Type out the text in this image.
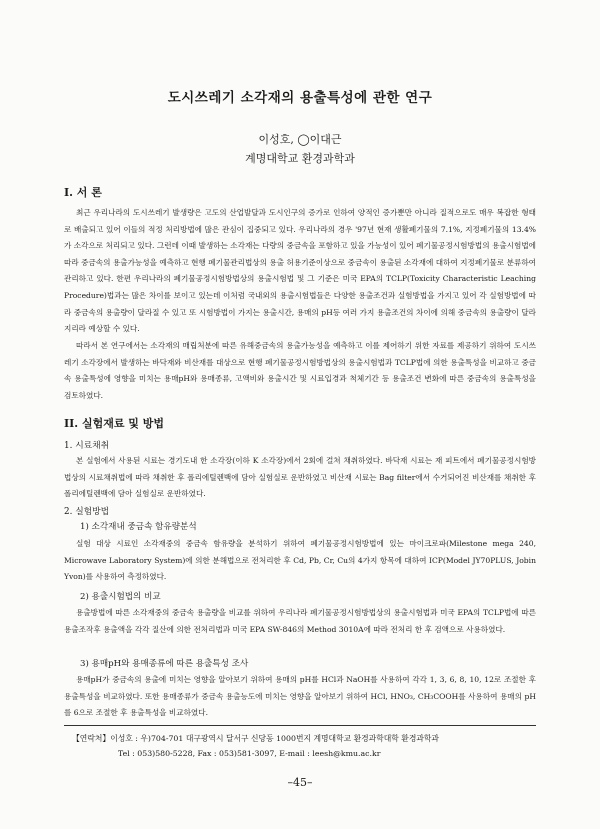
도시쓰레기 소각재의 용출특성에 관한 연구
이성호, ◯이대근
계명대학교 환경과학과
I. 서 론
최근 우리나라의 도시쓰레기 발생량은 고도의 산업발달과 도시인구의 증가로 인하여 양적인 증가뿐만 아니라 질적으로도 매우 복잡한 형태로 배출되고 있어 이들의 적정 처리방법에 많은 관심이 집중되고 있다. 우리나라의 경우 '97년 현재 생활폐기물의 7.1%, 지정폐기물의 13.4%가 소각으로 처리되고 있다. 그런데 이때 발생하는 소각재는 다량의 중금속을 포함하고 있을 가능성이 있어 폐기물공정시험방법의 용출시험법에 따라 중금속의 용출가능성을 예측하고 현행 폐기물관리법상의 용출 허용기준이상으로 중금속이 용출된 소각재에 대하여 지정폐기물로 분류하여 관리하고 있다. 한편 우리나라의 폐기물공정시험방법상의 용출시험법 및 그 기준은 미국 EPA의 TCLP(Toxicity Characteristic Leaching Procedure)법과는 많은 차이를 보이고 있는데 이처럼 국내외의 용출시험법들은 다양한 용출조건과 실험방법을 가지고 있어 각 실험방법에 따라 중금속의 용출량이 달라질 수 있고 또 시험방법이 가지는 용출시간, 용매의 pH등 여러 가지 용출조건의 차이에 의해 중금속의 용출량이 달라지리라 예상할 수 있다.
따라서 본 연구에서는 소각재의 매립처분에 따른 유해중금속의 용출가능성을 예측하고 이를 제어하기 위한 자료를 제공하기 위하여 도시쓰레기 소각장에서 발생하는 바닥재와 비산재를 대상으로 현행 폐기물공정시험방법상의 용출시험법과 TCLP법에 의한 용출특성을 비교하고 중금속 용출특성에 영향을 미치는 용매pH와 용매종류, 고액비와 용출시간 및 시료입경과 척체기간 등 용출조건 변화에 따른 중금속의 용출특성을 검토하였다.
II. 실험재료 및 방법
1. 시료채취
본 실험에서 사용된 시료는 경기도내 한 소각장(이하 K 소각장)에서 2회에 걸쳐 채취하였다. 바닥재 시료는 재 피트에서 폐기물공정시험방법상의 시료채취법에 따라 채취한 후 폴리에틸렌백에 담아 실험실로 운반하였고 비산재 시료는 Bag filter에서 수거되어진 비산재를 채취한 후 폴리에틸렌백에 담아 실험실로 운반하였다.
2. 실험방법
1) 소각재내 중금속 함유량분석
실험 대상 시료인 소각재중의 중금속 함유량을 분석하기 위하여 폐기물공정시험방법에 있는 마이크로파(Milestone mega 240, Microwave Laboratory System)에 의한 분해법으로 전처리한 후 Cd, Pb, Cr, Cu의 4가지 항목에 대하여 ICP(Model JY70PLUS, Jobin Yvon)를 사용하여 측정하였다.
2) 용출시험법의 비교
용출방법에 따른 소각재중의 중금속 용출량을 비교를 위하여 우리나라 폐기물공정시험방법상의 용출시험법과 미국 EPA의 TCLP법에 따른 용출조작후 용출액을 각각 질산에 의한 전처리법과 미국 EPA SW-846의 Method 3010A에 따라 전처리 한 후 검액으로 사용하였다.
3) 용매pH와 용매종류에 따른 용출특성 조사
용매pH가 중금속의 용출에 미치는 영향을 알아보기 위하여 용매의 pH를 HCl과 NaOH를 사용하여 각각 1, 3, 6, 8, 10, 12로 조절한 후 용출특성을 비교하였다. 또한 용매종류가 중금속 용출능도에 미치는 영향을 알아보기 위하여 HCl, HNO₃, CH₃COOH를 사용하여 용매의 pH를 6으로 조절한 후 용출특성을 비교하였다.
【연락처】이성호 : 우)704-701 대구광역시 달서구 신당동 1000번지 계명대학교 환경과학대학 환경과학과
Tel : 053)580-5228, Fax : 053)581-3097, E-mail : leesh@kmu.ac.kr
–45–
